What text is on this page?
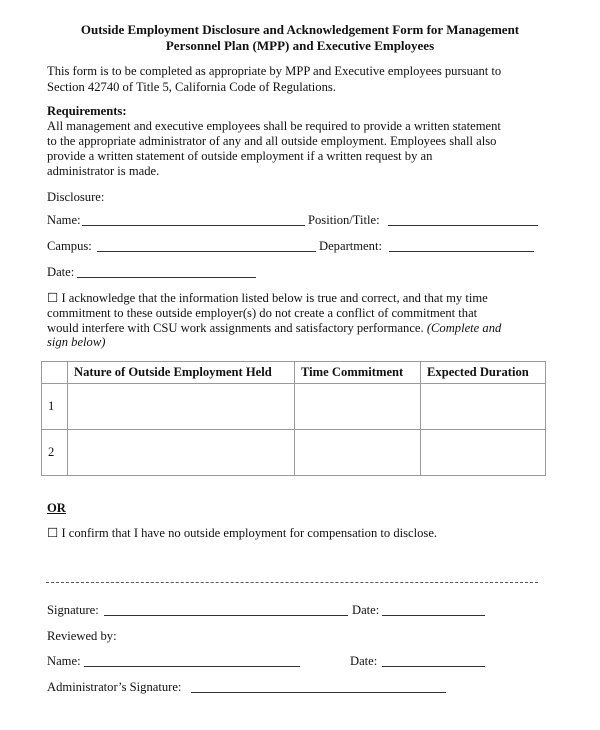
Outside Employment Disclosure and Acknowledgement Form for Management
Personnel Plan (MPP) and Executive Employees
This form is to be completed as appropriate by MPP and Executive employees pursuant to
Section 42740 of Title 5, California Code of Regulations.
Requirements:
All management and executive employees shall be required to provide a written statement
to the appropriate administrator of any and all outside employment. Employees shall also
provide a written statement of outside employment if a written request by an
administrator is made.
Disclosure:
Name:	Position/Title:
Campus:	Department:
Date:
☐ I acknowledge that the information listed below is true and correct, and that my time
commitment to these outside employer(s) do not create a conflict of commitment that
would interfere with CSU work assignments and satisfactory performance. (Complete and
sign below)
	Nature of Outside Employment Held	Time Commitment	Expected Duration
1			
2			
OR
☐ I confirm that I have no outside employment for compensation to disclose.
Signature:	Date:
Reviewed by:
Name:	Date:
Administrator’s Signature:
